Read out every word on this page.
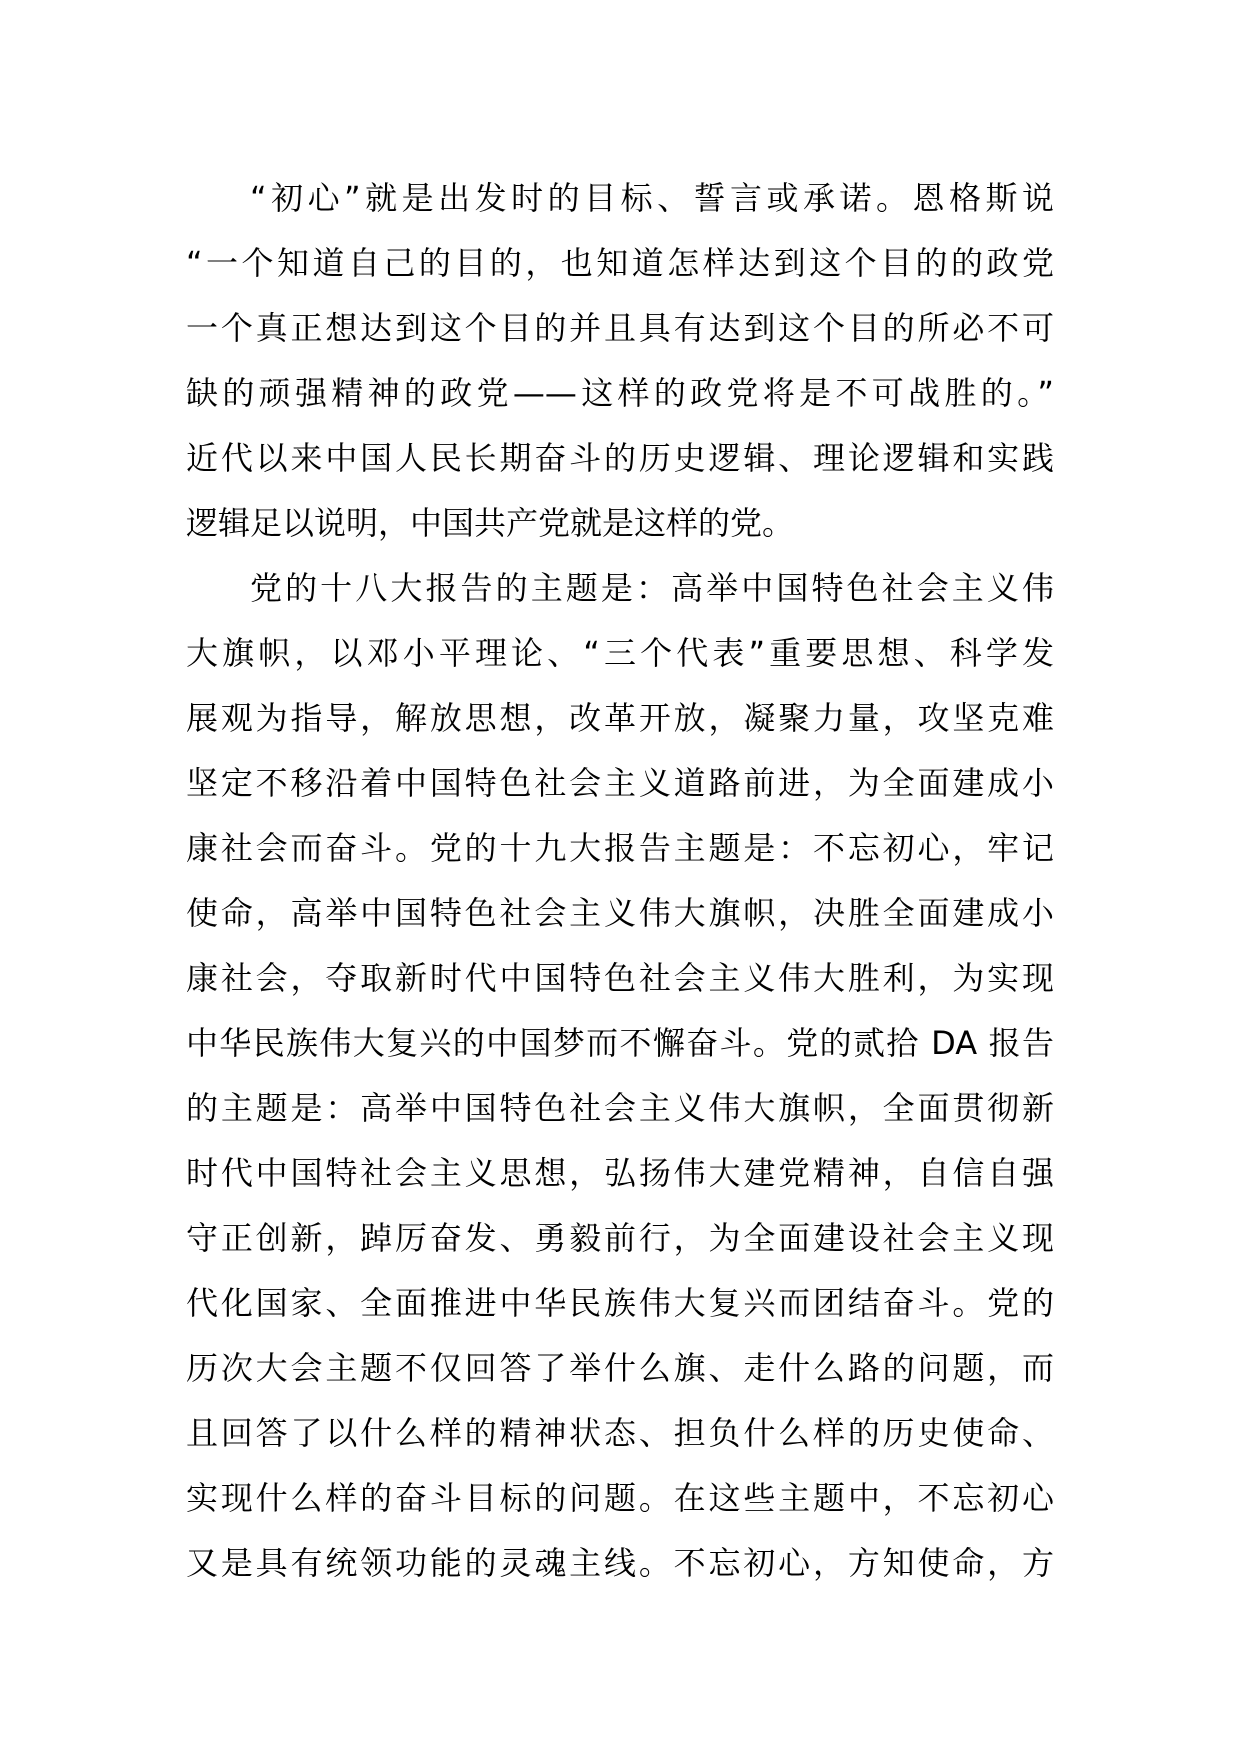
“初心”就是出发时的目标、誓言或承诺。恩格斯说
“一个知道自己的目的，也知道怎样达到这个目的的政党
一个真正想达到这个目的并且具有达到这个目的所必不可
缺的顽强精神的政党——这样的政党将是不可战胜的。”
近代以来中国人民长期奋斗的历史逻辑、理论逻辑和实践
逻辑足以说明，中国共产党就是这样的党。
党的十八大报告的主题是：高举中国特色社会主义伟
大旗帜，以邓小平理论、“三个代表”重要思想、科学发
展观为指导，解放思想，改革开放，凝聚力量，攻坚克难
坚定不移沿着中国特色社会主义道路前进，为全面建成小
康社会而奋斗。党的十九大报告主题是：不忘初心，牢记
使命，高举中国特色社会主义伟大旗帜，决胜全面建成小
康社会，夺取新时代中国特色社会主义伟大胜利，为实现
中华民族伟大复兴的中国梦而不懈奋斗。党的贰拾 DA 报告
的主题是：高举中国特色社会主义伟大旗帜，全面贯彻新
时代中国特社会主义思想，弘扬伟大建党精神，自信自强
守正创新，踔厉奋发、勇毅前行，为全面建设社会主义现
代化国家、全面推进中华民族伟大复兴而团结奋斗。党的
历次大会主题不仅回答了举什么旗、走什么路的问题，而
且回答了以什么样的精神状态、担负什么样的历史使命、
实现什么样的奋斗目标的问题。在这些主题中，不忘初心
又是具有统领功能的灵魂主线。不忘初心，方知使命，方
